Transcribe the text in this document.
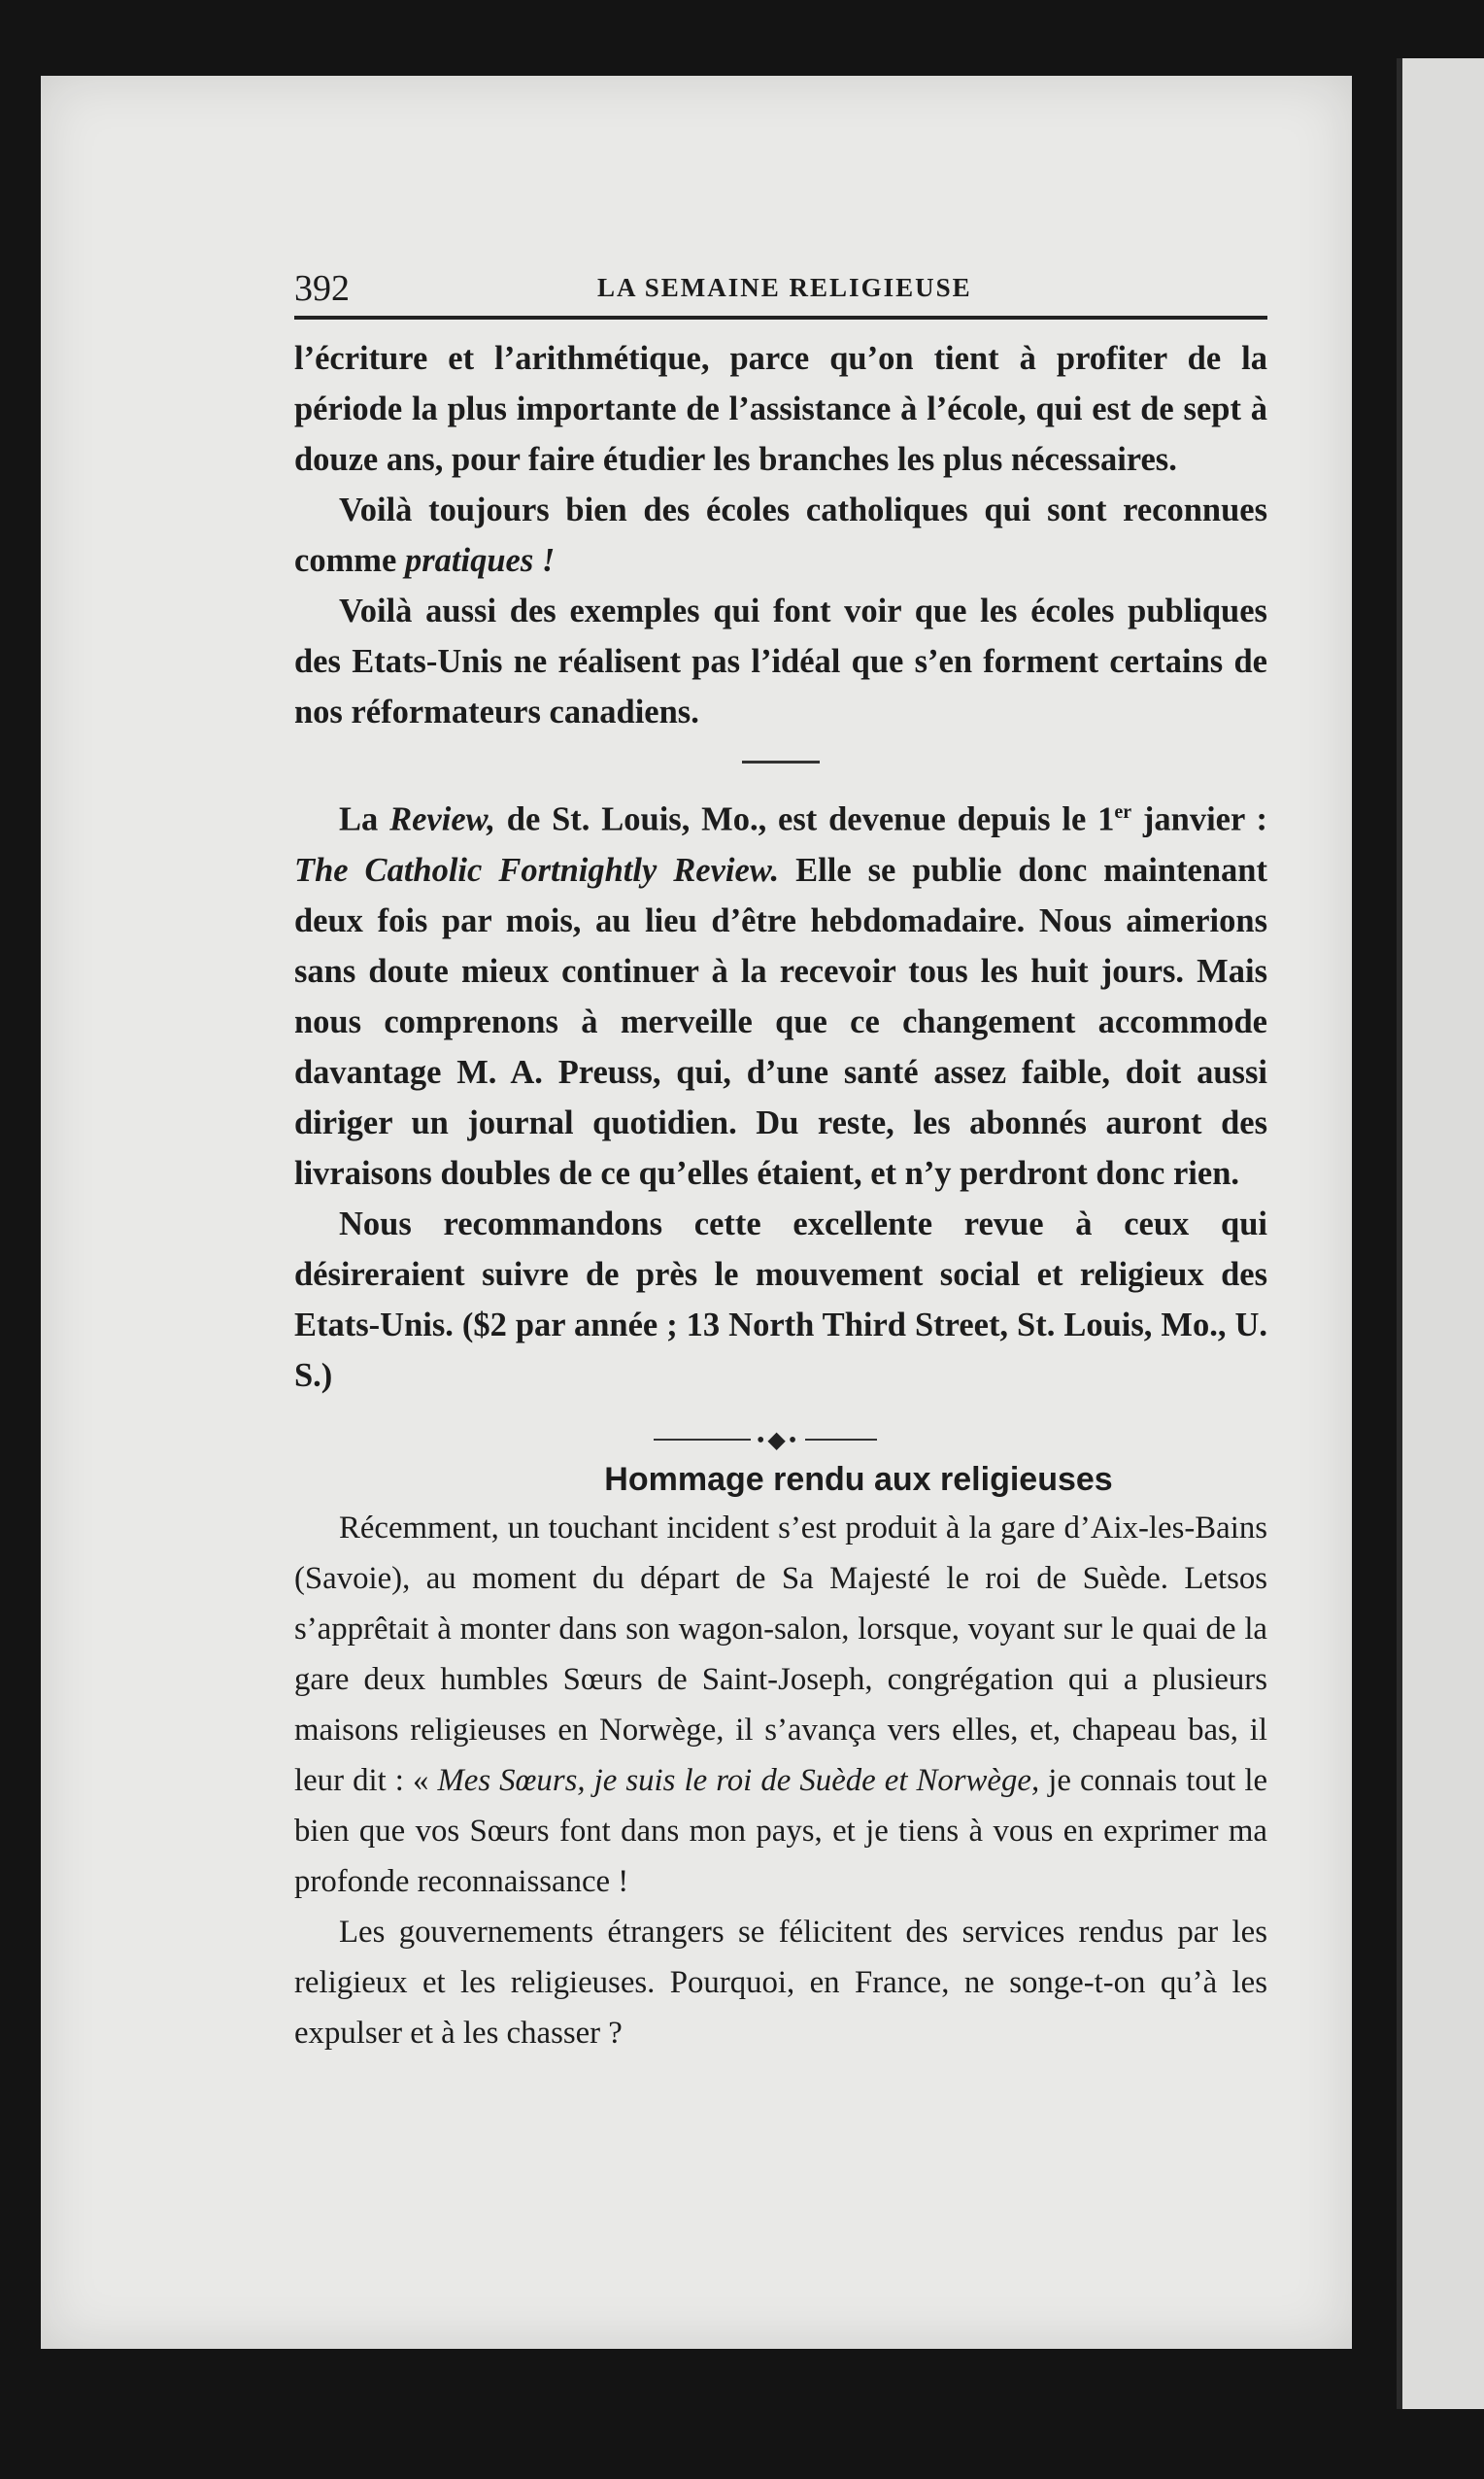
392	LA SEMAINE RELIGIEUSE

l’écriture et l’arithmétique, parce qu’on tient à profiter de la période la plus importante de l’assistance à l’école, qui est de sept à douze ans, pour faire étudier les branches les plus nécessaires.

Voilà toujours bien des écoles catholiques qui sont reconnues comme pratiques !

Voilà aussi des exemples qui font voir que les écoles publiques des Etats-Unis ne réalisent pas l’idéal que s’en forment certains de nos réformateurs canadiens.

La Review, de St. Louis, Mo., est devenue depuis le 1er janvier : The Catholic Fortnightly Review. Elle se publie donc maintenant deux fois par mois, au lieu d’être hebdomadaire. Nous aimerions sans doute mieux continuer à la recevoir tous les huit jours. Mais nous comprenons à merveille que ce changement accommode davantage M. A. Preuss, qui, d’une santé assez faible, doit aussi diriger un journal quotidien. Du reste, les abonnés auront des livraisons doubles de ce qu’elles étaient, et n’y perdront donc rien.

Nous recommandons cette excellente revue à ceux qui désireraient suivre de près le mouvement social et religieux des Etats-Unis. ($2 par année ; 13 North Third Street, St. Louis, Mo., U. S.)

•◆•
Hommage rendu aux religieuses

Récemment, un touchant incident s’est produit à la gare d’Aix-les-Bains (Savoie), au moment du départ de Sa Majesté le roi de Suède. Letsos s’apprêtait à monter dans son wagon-salon, lorsque, voyant sur le quai de la gare deux humbles Sœurs de Saint-Joseph, congrégation qui a plusieurs maisons religieuses en Norwège, il s’avança vers elles, et, chapeau bas, il leur dit : « Mes Sœurs, je suis le roi de Suède et Norwège, je connais tout le bien que vos Sœurs font dans mon pays, et je tiens à vous en exprimer ma profonde reconnaissance !

Les gouvernements étrangers se félicitent des services rendus par les religieux et les religieuses. Pourquoi, en France, ne songe-t-on qu’à les expulser et à les chasser ?
